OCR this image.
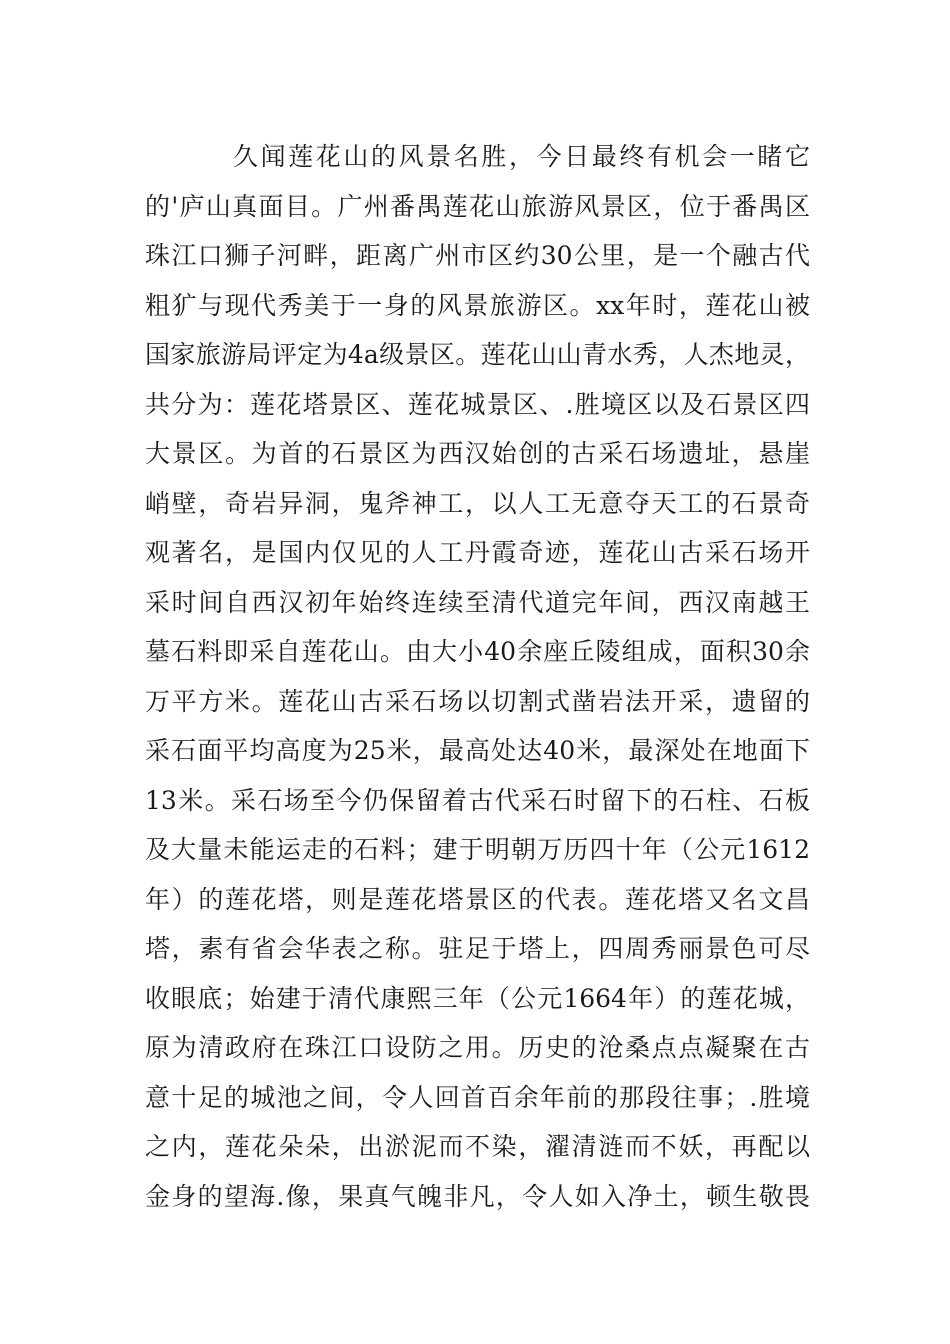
久闻莲花山的风景名胜，今日最终有机会一睹它
的'庐山真面目。广州番禺莲花山旅游风景区，位于番禺区
珠江口狮子河畔，距离广州市区约30公里，是一个融古代
粗犷与现代秀美于一身的风景旅游区。xx年时，莲花山被
国家旅游局评定为4a级景区。莲花山山青水秀，人杰地灵，
共分为：莲花塔景区、莲花城景区、.胜境区以及石景区四
大景区。为首的石景区为西汉始创的古采石场遗址，悬崖
峭壁，奇岩异洞，鬼斧神工，以人工无意夺天工的石景奇
观著名，是国内仅见的人工丹霞奇迹，莲花山古采石场开
采时间自西汉初年始终连续至清代道完年间，西汉南越王
墓石料即采自莲花山。由大小40余座丘陵组成，面积30余
万平方米。莲花山古采石场以切割式凿岩法开采，遗留的
采石面平均高度为25米，最高处达40米，最深处在地面下
13米。采石场至今仍保留着古代采石时留下的石柱、石板
及大量未能运走的石料；建于明朝万历四十年（公元1612
年）的莲花塔，则是莲花塔景区的代表。莲花塔又名文昌
塔，素有省会华表之称。驻足于塔上，四周秀丽景色可尽
收眼底；始建于清代康熙三年（公元1664年）的莲花城，
原为清政府在珠江口设防之用。历史的沧桑点点凝聚在古
意十足的城池之间，令人回首百余年前的那段往事；.胜境
之内，莲花朵朵，出淤泥而不染，濯清涟而不妖，再配以
金身的望海.像，果真气魄非凡，令人如入净土，顿生敬畏
